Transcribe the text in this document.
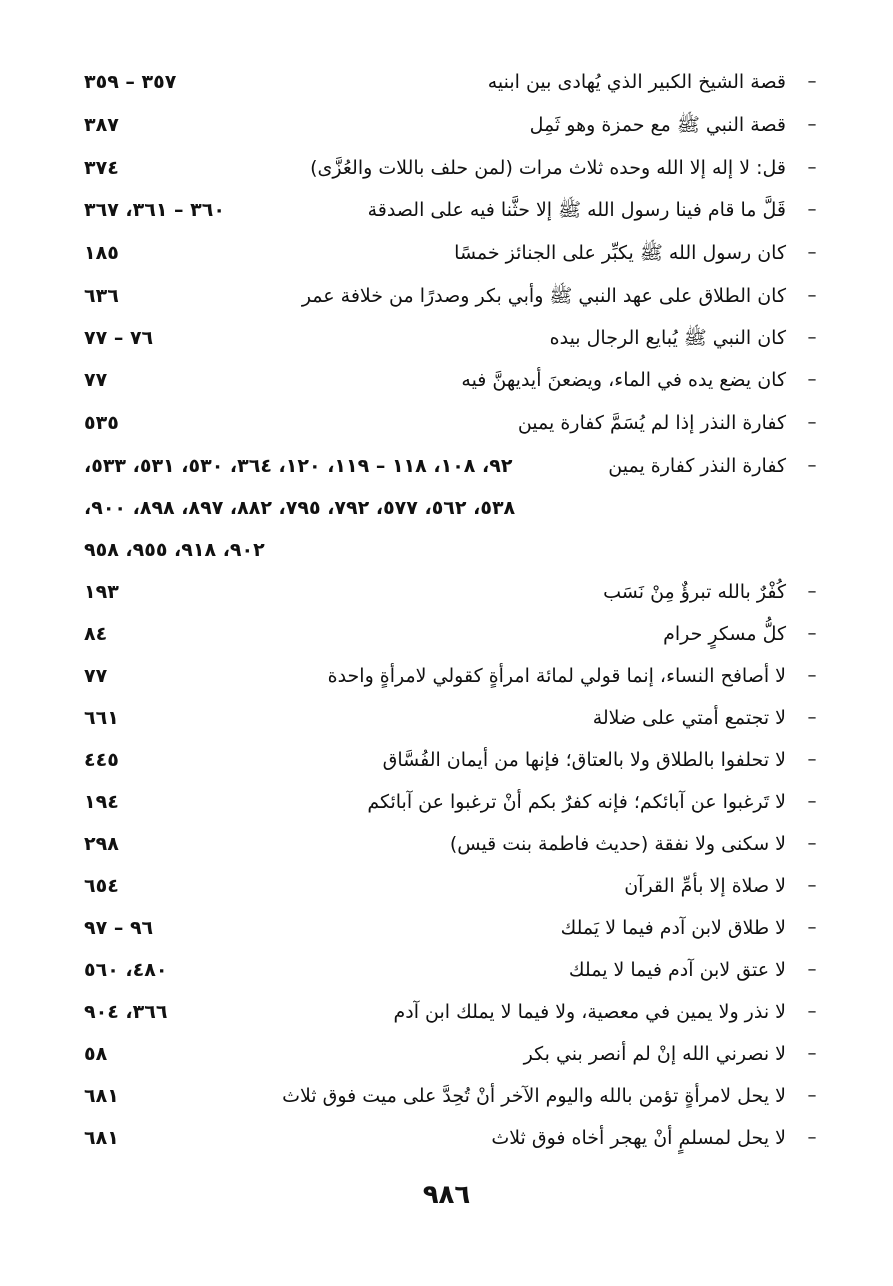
–
قصة الشيخ الكبير الذي يُهادى بين ابنيه
٣٥٧ – ٣٥٩
–
قصة النبي ﷺ مع حمزة وهو ثَمِل
٣٨٧
–
قل: لا إله إلا الله وحده ثلاث مرات (لمن حلف باللات والعُزَّى)
٣٧٤
–
قَلَّ ما قام فينا رسول الله ﷺ إلا حثَّنا فيه على الصدقة
٣٦٠ – ٣٦١، ٣٦٧
–
كان رسول الله ﷺ يكبِّر على الجنائز خمسًا
١٨٥
–
كان الطلاق على عهد النبي ﷺ وأبي بكر وصدرًا من خلافة عمر
٦٣٦
–
كان النبي ﷺ يُبايع الرجال بيده
٧٦ – ٧٧
–
كان يضع يده في الماء، ويضعنَ أيديهنَّ فيه
٧٧
–
كفارة النذر إذا لم يُسَمَّ كفارة يمين
٥٣٥
–
كفارة النذر كفارة يمين
٩٢، ١٠٨، ١١٨ – ١١٩، ١٢٠، ٣٦٤، ٥٣٠، ٥٣١، ٥٣٣،
٥٣٨، ٥٦٢، ٥٧٧، ٧٩٢، ٧٩٥، ٨٨٢، ٨٩٧، ٨٩٨، ٩٠٠،
٩٠٢، ٩١٨، ٩٥٥، ٩٥٨
–
كُفْرٌ بالله تبرؤٌ مِنْ نَسَب
١٩٣
–
كلُّ مسكرٍ حرام
٨٤
–
لا أصافح النساء، إنما قولي لمائة امرأةٍ كقولي لامرأةٍ واحدة
٧٧
–
لا تجتمع أمتي على ضلالة
٦٦١
–
لا تحلفوا بالطلاق ولا بالعتاق؛ فإنها من أيمان الفُسَّاق
٤٤٥
–
لا تَرغبوا عن آبائكم؛ فإنه كفرٌ بكم أنْ ترغبوا عن آبائكم
١٩٤
–
لا سكنى ولا نفقة (حديث فاطمة بنت قيس)
٢٩٨
–
لا صلاة إلا بأمِّ القرآن
٦٥٤
–
لا طلاق لابن آدم فيما لا يَملك
٩٦ – ٩٧
–
لا عتق لابن آدم فيما لا يملك
٤٨٠، ٥٦٠
–
لا نذر ولا يمين في معصية، ولا فيما لا يملك ابن آدم
٣٦٦، ٩٠٤
–
لا نصرني الله إنْ لم أنصر بني بكر
٥٨
–
لا يحل لامرأةٍ تؤمن بالله واليوم الآخر أنْ تُحِدَّ على ميت فوق ثلاث
٦٨١
–
لا يحل لمسلمٍ أنْ يهجر أخاه فوق ثلاث
٦٨١
٩٨٦
